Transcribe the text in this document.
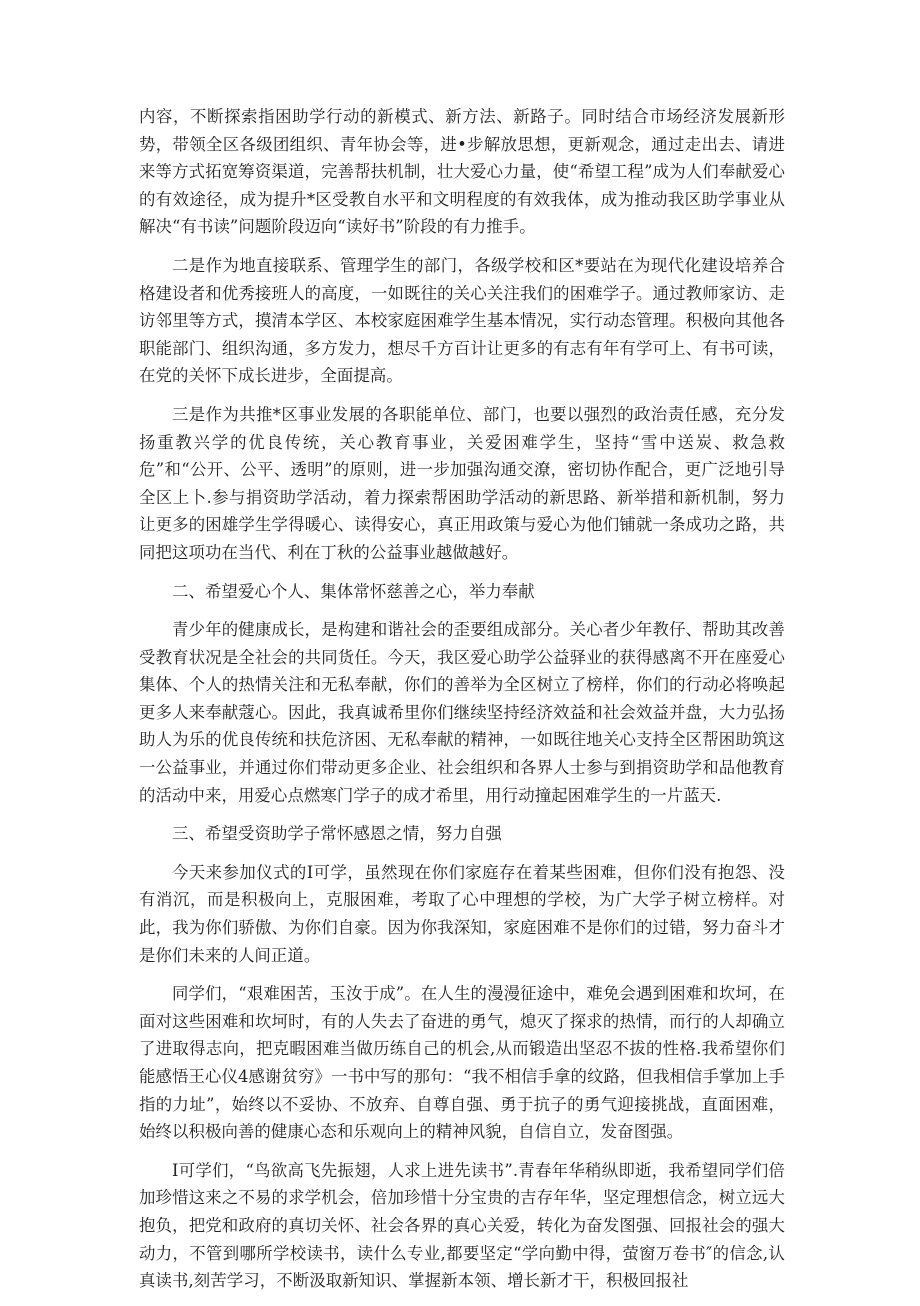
内容，不断探索指困助学行动的新模式、新方法、新路子。同时结合市场经济发展新形势，带领全区各级团组织、青年协会等，进•步解放思想，更新观念，通过走出去、请进来等方式拓宽筹资渠道，完善帮扶机制，壮大爱心力量，使“希望工程”成为人们奉献爱心的有效途径，成为提升*区受教自水平和文明程度的有效我体，成为推动我区助学事业从解决“有书读”问题阶段迈向“读好书”阶段的有力推手。

二是作为地直接联系、管理学生的部门，各级学校和区*要站在为现代化建设培养合格建设者和优秀接班人的高度，一如既往的关心关注我们的困难学子。通过教师家访、走访邻里等方式，摸清本学区、本校家庭困难学生基本情况，实行动态管理。积极向其他各职能部门、组织沟通，多方发力，想尽千方百计让更多的有志有年有学可上、有书可读，在党的关怀下成长进步，全面提高。

三是作为共推*区事业发展的各职能单位、部门，也要以强烈的政治责任感，充分发扬重教兴学的优良传统，关心教育事业，关爱困难学生，坚持“雪中送炭、救急救危”和“公开、公平、透明”的原则，进一步加强沟通交潦，密切协作配合，更广泛地引导全区上卜.参与捐资助学活动，着力探索帮困助学活动的新思路、新举措和新机制，努力让更多的困雄学生学得暖心、读得安心，真正用政策与爱心为他们铺就一条成功之路，共同把这项功在当代、利在丁秋的公益事业越做越好。

二、希望爱心个人、集体常怀慈善之心，举力奉献

青少年的健康成长，是构建和谐社会的歪要组成部分。关心者少年教仔、帮助其改善受教育状况是全社会的共同货任。今天，我区爱心助学公益驿业的获得感离不开在座爱心集体、个人的热情关注和无私奉献，你们的善举为全区树立了榜样，你们的行动必将唤起更多人来奉献蔻心。因此，我真诚希里你们继续坚持经济效益和社会效益并盘，大力弘扬助人为乐的优良传统和扶危济困、无私奉献的精神，一如既往地关心支持全区帮困助筑这一公益事业，并通过你们带动更多企业、社会组织和各界人士参与到捐资助学和品他教育的活动中来，用爱心点燃寒门学子的成才希里，用行动撞起困难学生的一片蓝天.

三、希望受资助学子常怀感恩之情，努力自强

今天来参加仪式的I可学，虽然现在你们家庭存在着某些困难，但你们没有抱怨、没有消沉，而是积极向上，克服困难，考取了心中理想的学校，为广大学子树立榜样。对此，我为你们骄傲、为你们自豪。因为你我深知，家庭困难不是你们的过错，努力奋斗才是你们未来的人间正道。

同学们，“艰难困苦，玉汝于成”。在人生的漫漫征途中，难免会遇到困难和坎坷，在面对这些困难和坎坷时，有的人失去了奋进的勇气，熄灭了探求的热情，而行的人却确立了进取得志向，把克暇困难当做历练自己的机会,从而锻造出坚忍不拔的性格.我希望你们能感悟王心仪4感谢贫穷》一书中写的那句：“我不相信手拿的纹路，但我相信手掌加上手指的力址”，始终以不妥协、不放弃、自尊自强、勇于抗子的勇气迎接挑战，直面困难，始终以积极向善的健康心态和乐观向上的精神风貌，自信自立，发奋图强。

I可学们，“鸟欲高飞先振翅，人求上进先读书”.青春年华稍纵即逝，我希望同学们倍加珍惜这来之不易的求学机会，倍加珍惜十分宝贵的吉存年华，坚定理想信念，树立远大抱负，把党和政府的真切关怀、社会各界的真心关爱，转化为奋发图强、回报社会的强大动力，不管到哪所学校读书，读什么专业,都要坚定“学向勤中得，萤窗万卷书″的信念,认真读书,刻苦学习，不断汲取新知识、掌握新本领、增长新才干，积极回报社
